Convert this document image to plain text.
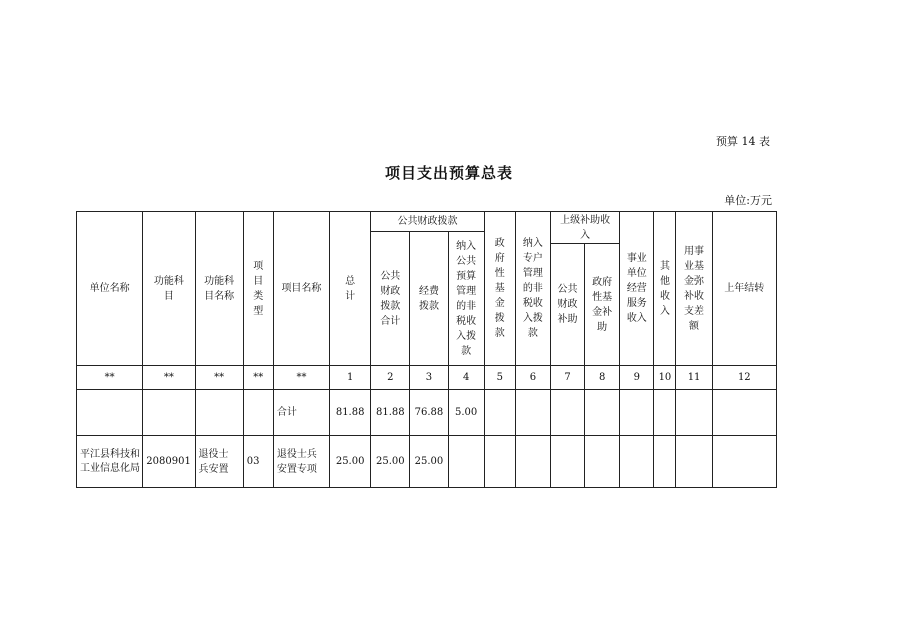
预算 14 表
项目支出预算总表
单位:万元
单位名称	功能科目	功能科目名称	项目类型	项目名称	总计	公共财政拨款			政府性基金拨款	纳入专户管理的非税收入拨款	上级补助收入		事业单位经营服务收入	其他收入	用事业基金弥补收支差额	上年结转
						公共财政拨款合计	经费拨款	纳入公共预算管理的非税收入拨款								
											公共财政补助	政府性基金补助				
**	**	**	**	**	1	2	3	4	5	6	7	8	9	10	11	12
				合计	81.88	81.88	76.88	5.00								
平江县科技和工业信息化局	2080901	退役士兵安置	03	退役士兵安置专项	25.00	25.00	25.00									
